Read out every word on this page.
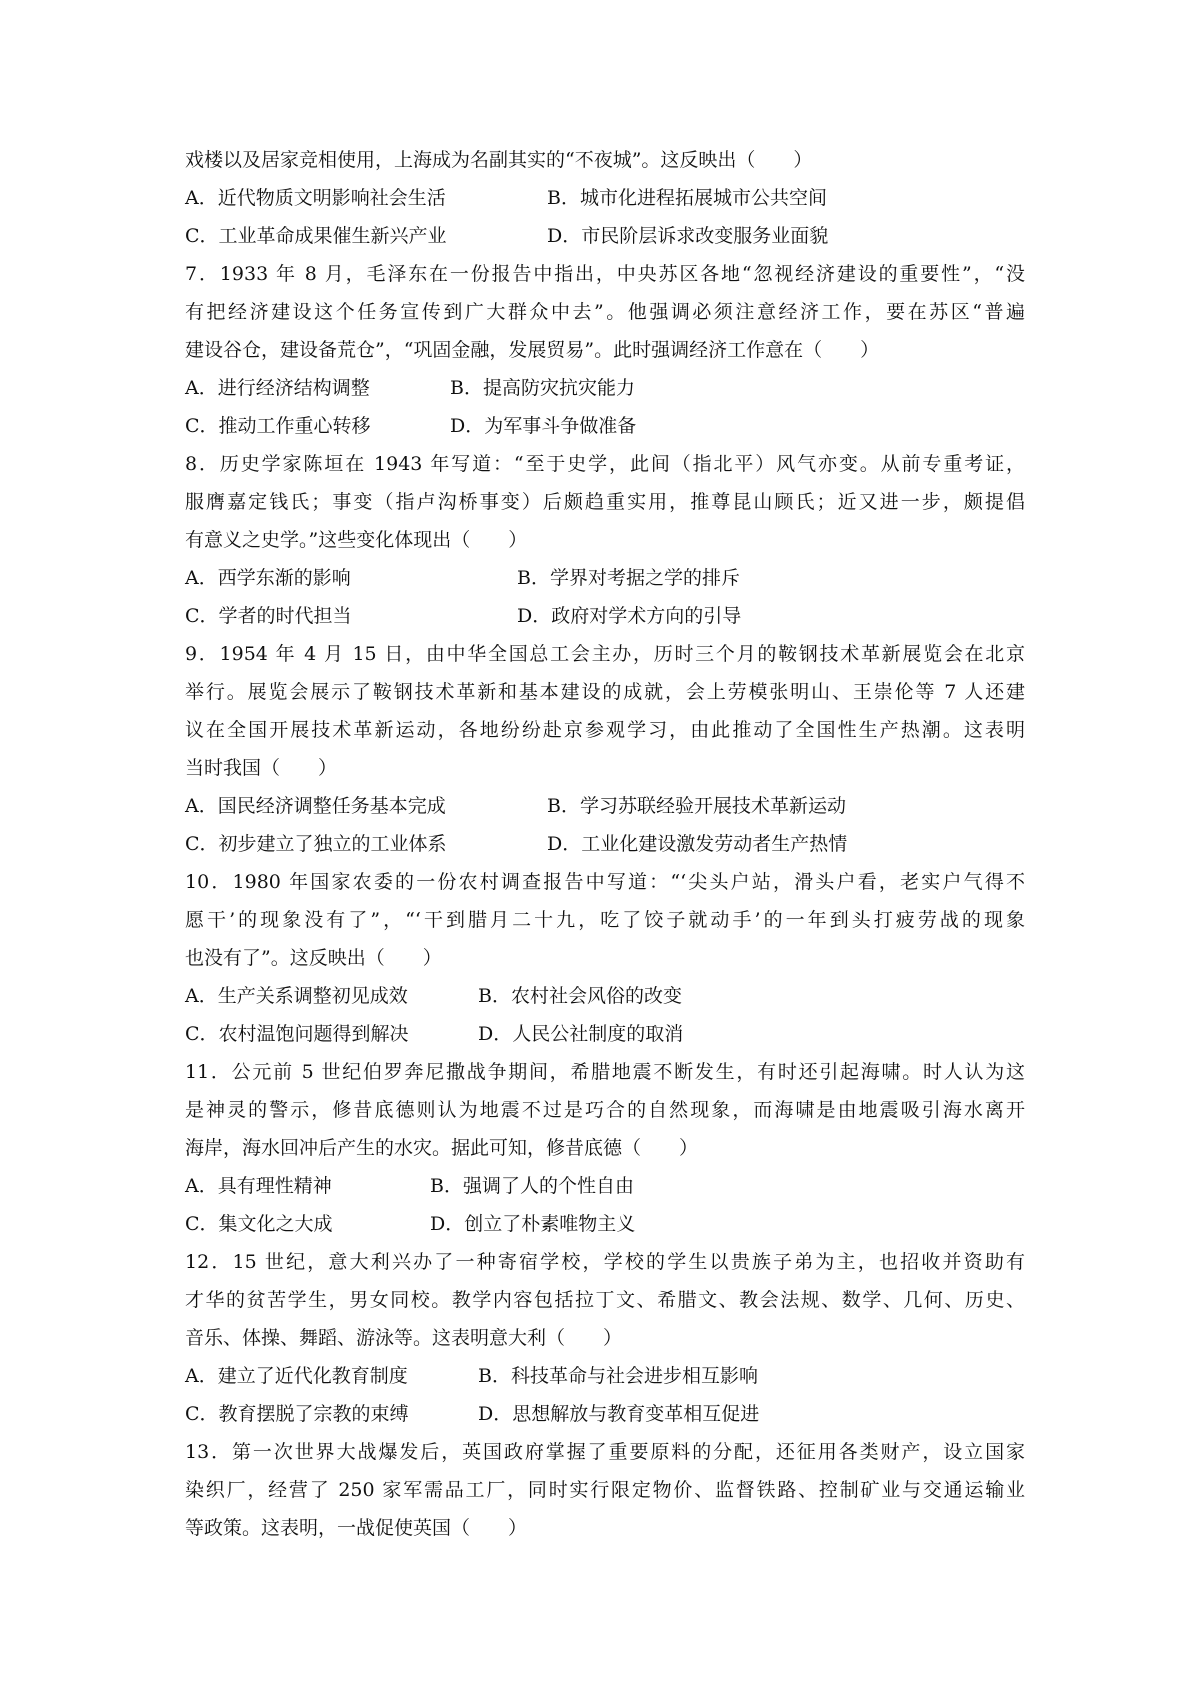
戏楼以及居家竞相使用，上海成为名副其实的“不夜城”。这反映出（　　）
A．近代物质文明影响社会生活	B．城市化进程拓展城市公共空间
C．工业革命成果催生新兴产业	D．市民阶层诉求改变服务业面貌
7．1933 年 8 月，毛泽东在一份报告中指出，中央苏区各地“忽视经济建设的重要性”，“没
有把经济建设这个任务宣传到广大群众中去”。他强调必须注意经济工作，要在苏区“普遍
建设谷仓，建设备荒仓”，“巩固金融，发展贸易”。此时强调经济工作意在（　　）
A．进行经济结构调整	B．提高防灾抗灾能力
C．推动工作重心转移	D．为军事斗争做准备
8．历史学家陈垣在 1943 年写道：“至于史学，此间（指北平）风气亦变。从前专重考证，
服膺嘉定钱氏；事变（指卢沟桥事变）后颇趋重实用，推尊昆山顾氏；近又进一步，颇提倡
有意义之史学。”这些变化体现出（　　）
A．西学东渐的影响	B．学界对考据之学的排斥
C．学者的时代担当	D．政府对学术方向的引导
9．1954 年 4 月 15 日，由中华全国总工会主办，历时三个月的鞍钢技术革新展览会在北京
举行。展览会展示了鞍钢技术革新和基本建设的成就，会上劳模张明山、王崇伦等 7 人还建
议在全国开展技术革新运动，各地纷纷赴京参观学习，由此推动了全国性生产热潮。这表明
当时我国（　　）
A．国民经济调整任务基本完成	B．学习苏联经验开展技术革新运动
C．初步建立了独立的工业体系	D．工业化建设激发劳动者生产热情
10．1980 年国家农委的一份农村调查报告中写道：“‘尖头户站，滑头户看，老实户气得不
愿干’的现象没有了”，“‘干到腊月二十九，吃了饺子就动手’的一年到头打疲劳战的现象
也没有了”。这反映出（　　）
A．生产关系调整初见成效	B．农村社会风俗的改变
C．农村温饱问题得到解决	D．人民公社制度的取消
11．公元前 5 世纪伯罗奔尼撒战争期间，希腊地震不断发生，有时还引起海啸。时人认为这
是神灵的警示，修昔底德则认为地震不过是巧合的自然现象，而海啸是由地震吸引海水离开
海岸，海水回冲后产生的水灾。据此可知，修昔底德（　　）
A．具有理性精神	B．强调了人的个性自由
C．集文化之大成	D．创立了朴素唯物主义
12．15 世纪，意大利兴办了一种寄宿学校，学校的学生以贵族子弟为主，也招收并资助有
才华的贫苦学生，男女同校。教学内容包括拉丁文、希腊文、教会法规、数学、几何、历史、
音乐、体操、舞蹈、游泳等。这表明意大利（　　）
A．建立了近代化教育制度	B．科技革命与社会进步相互影响
C．教育摆脱了宗教的束缚	D．思想解放与教育变革相互促进
13．第一次世界大战爆发后，英国政府掌握了重要原料的分配，还征用各类财产，设立国家
染织厂，经营了 250 家军需品工厂，同时实行限定物价、监督铁路、控制矿业与交通运输业
等政策。这表明，一战促使英国（　　）
